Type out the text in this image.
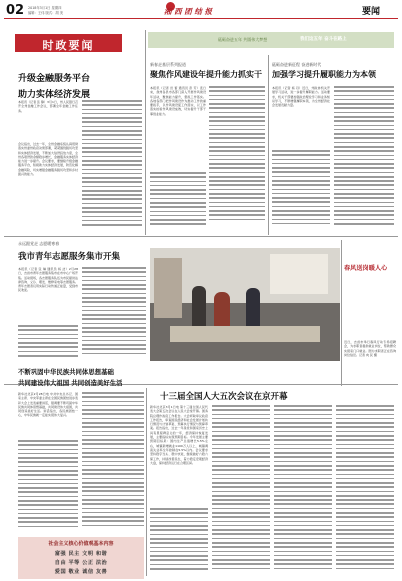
02 2018年3月1日 星期四
编辑：王伟 版式：胡 美	湘 西 团 结 报	要闻
时政要闻	砥砺奋进五年 共圆伟大梦想	我们这五年 奋斗在路上
升级金融服务平台
助力实体经济发展
本报讯（记者 张 静）3月1日，州人民银行召开全州金融工作会议，部署全年金融工作任务。
会议指出，过去一年，全州金融系统认真贯彻落实州委州政府决策部署，紧紧围绕脱贫攻坚和实体经济发展，不断加大信贷投放力度，全州各项贷款余额稳步增长，金融服务实体经济能力进一步提升。会议要求，要继续升级金融服务平台，积极助力实体经济发展，防范化解金融风险，切实增强金融服务脱贫攻坚和乡村振兴的能力。
新春走基层系列报道
聚焦作风建设年提升能力抓实干
本报讯（记者 田 蕾 通讯员 彭 芳）连日来，我州各县市各部门深入开展作风建设年活动，聚焦能力提升，狠抓工作落实。各地各部门把作风建设作为推动工作的重要抓手，以作风建设促工作落实，以工作落实检验作风建设成效，切实提升干部干事创业能力。
砥砺奋进新征程 奋进新时代
加强学习提升履职能力为本领
本报讯（记者 杨 丹）近日，州政协机关开展学习活动，进一步提升履职能力。活动要求，机关干部要加强政治理论学习和业务知识学习，不断增强履职本领，为全州经济社会发展贡献力量。
永远跟党走 志愿暖寒春
我市青年志愿服务集市开集
本报讯（记者 张 琳 通讯员 杨 洁）2月28日，吉首市青年志愿服务集市在市中心广场开集。活动现场，各志愿服务队伍为市民提供法律咨询、义诊、理发、维修家电等志愿服务。青年志愿者们用实际行动传递正能量，受到市民欢迎。
春风送岗暖人心
近日，吉首市举行春风行动专场招聘会，为求职者提供就业岗位，帮助群众实现家门口就业。图为求职者正在咨询岗位信息。记者 向 民 摄
不断巩固中华民族共同体思想基础
共同建设伟大祖国 共同创造美好生活
新华社北京2月28日电 中共中央总书记、国家主席、中央军委主席在全国民族团结进步表彰大会上发表重要讲话，强调要不断巩固中华民族共同体思想基础，共同建设伟大祖国，共同创造美好生活。讲话指出，各民族团结一心，中华民族就一定能实现伟大复兴。
社会主义核心价值观基本内容
富强 民主 文明 和谐
自由 平等 公正 法治
爱国 敬业 诚信 友善
十三届全国人大五次会议在京开幕
新华社北京3月1日电 第十三届全国人民代表大会第五次会议在人民大会堂开幕。国务院总理作政府工作报告。大会听取审议政府工作报告，审查国民经济和社会发展计划执行情况与计划草案、预算执行情况与预算草案。报告指出，过去一年是党和国家历史上具有里程碑意义的一年，经济保持恢复发展，主要指标实现预期目标。今年发展主要预期目标是：国内生产总值增长5.5%左右，城镇新增就业1100万人以上，城镇调查失业率全年控制在5.5%以内。会议要求坚持稳字当头、稳中求进，继续做好六稳六保工作，持续改善民生，着力稳定宏观经济大盘，保持经济运行在合理区间。
